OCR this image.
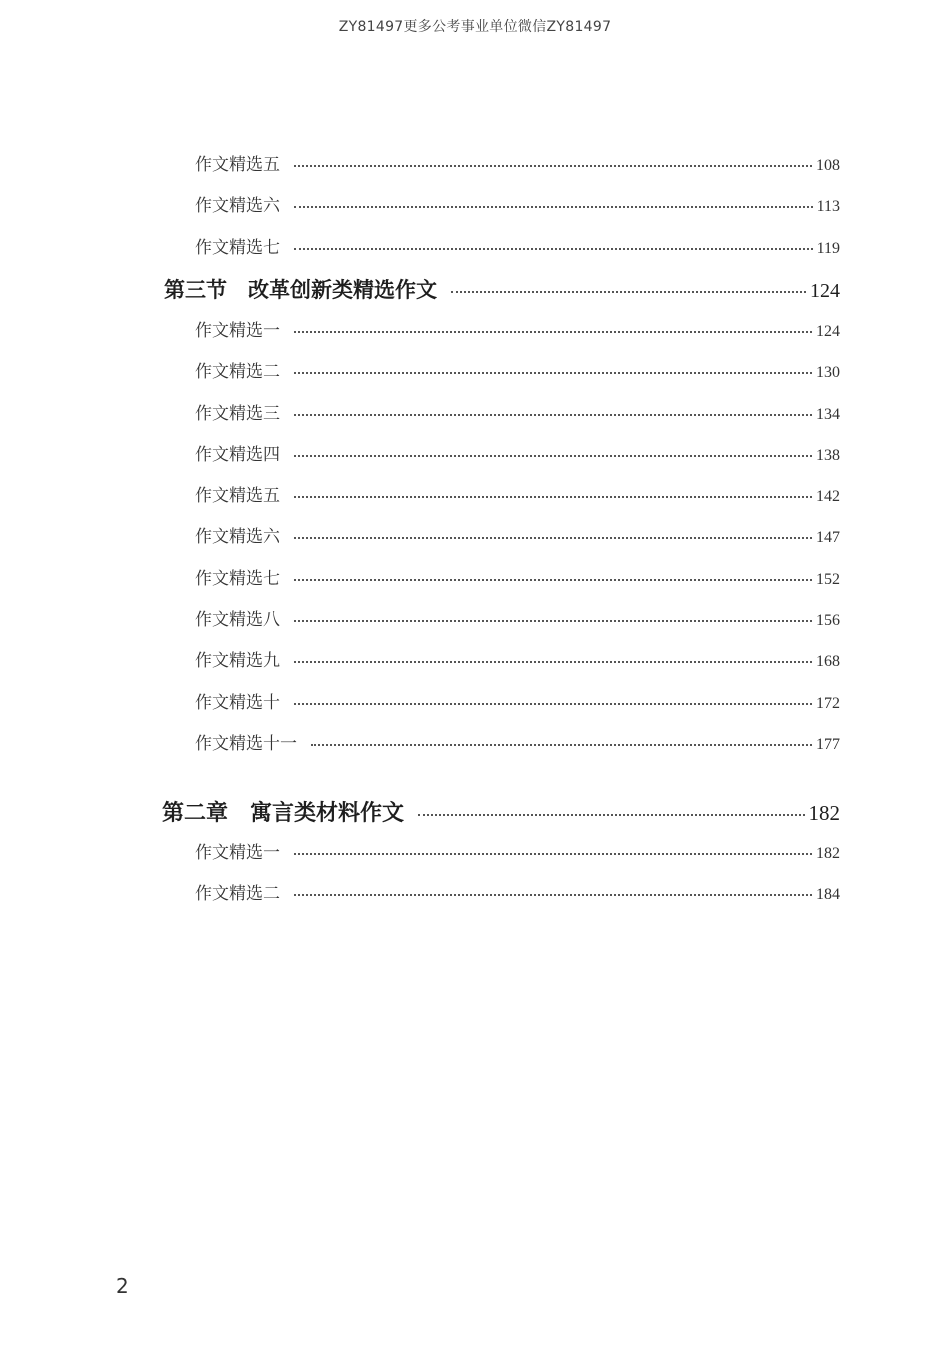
ZY81497更多公考事业单位微信ZY81497
作文精选五	108
作文精选六	113
作文精选七	119
第三节　改革创新类精选作文	124
作文精选一	124
作文精选二	130
作文精选三	134
作文精选四	138
作文精选五	142
作文精选六	147
作文精选七	152
作文精选八	156
作文精选九	168
作文精选十	172
作文精选十一	177
第二章　寓言类材料作文	182
作文精选一	182
作文精选二	184
2
